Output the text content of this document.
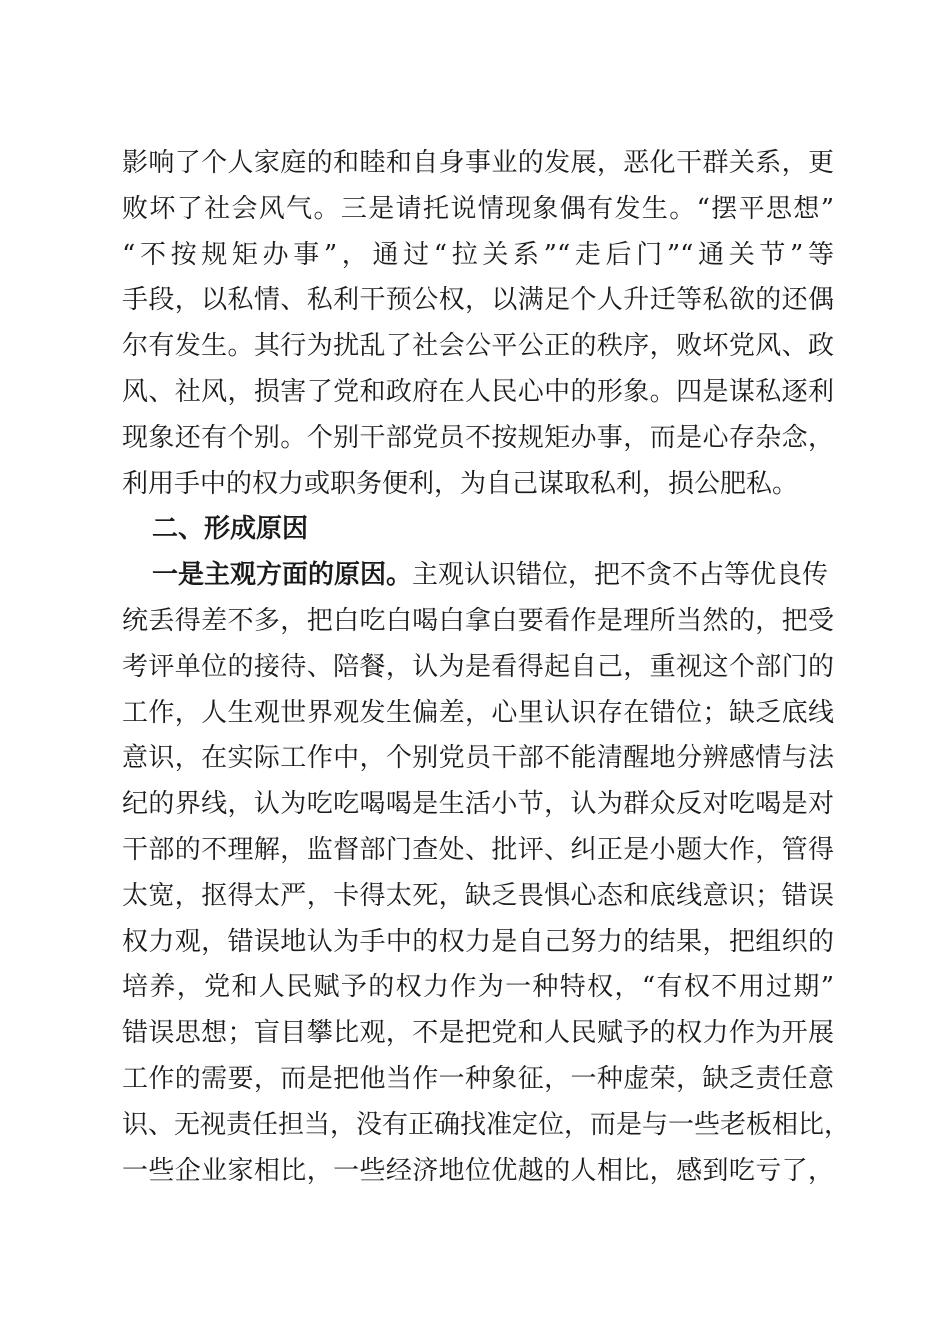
影响了个人家庭的和睦和自身事业的发展，恶化干群关系，更
败坏了社会风气。三是请托说情现象偶有发生。“摆平思想”
“不按规矩办事”，通过“拉关系”“走后门”“通关节”等
手段，以私情、私利干预公权，以满足个人升迁等私欲的还偶
尔有发生。其行为扰乱了社会公平公正的秩序，败坏党风、政
风、社风，损害了党和政府在人民心中的形象。四是谋私逐利
现象还有个别。个别干部党员不按规矩办事，而是心存杂念，
利用手中的权力或职务便利，为自己谋取私利，损公肥私。
二、形成原因
一是主观方面的原因。主观认识错位，把不贪不占等优良传
统丢得差不多，把白吃白喝白拿白要看作是理所当然的，把受
考评单位的接待、陪餐，认为是看得起自己，重视这个部门的
工作，人生观世界观发生偏差，心里认识存在错位；缺乏底线
意识，在实际工作中，个别党员干部不能清醒地分辨感情与法
纪的界线，认为吃吃喝喝是生活小节，认为群众反对吃喝是对
干部的不理解，监督部门查处、批评、纠正是小题大作，管得
太宽，抠得太严，卡得太死，缺乏畏惧心态和底线意识；错误
权力观，错误地认为手中的权力是自己努力的结果，把组织的
培养，党和人民赋予的权力作为一种特权，“有权不用过期”
错误思想；盲目攀比观，不是把党和人民赋予的权力作为开展
工作的需要，而是把他当作一种象征，一种虚荣，缺乏责任意
识、无视责任担当，没有正确找准定位，而是与一些老板相比，
一些企业家相比，一些经济地位优越的人相比，感到吃亏了，
